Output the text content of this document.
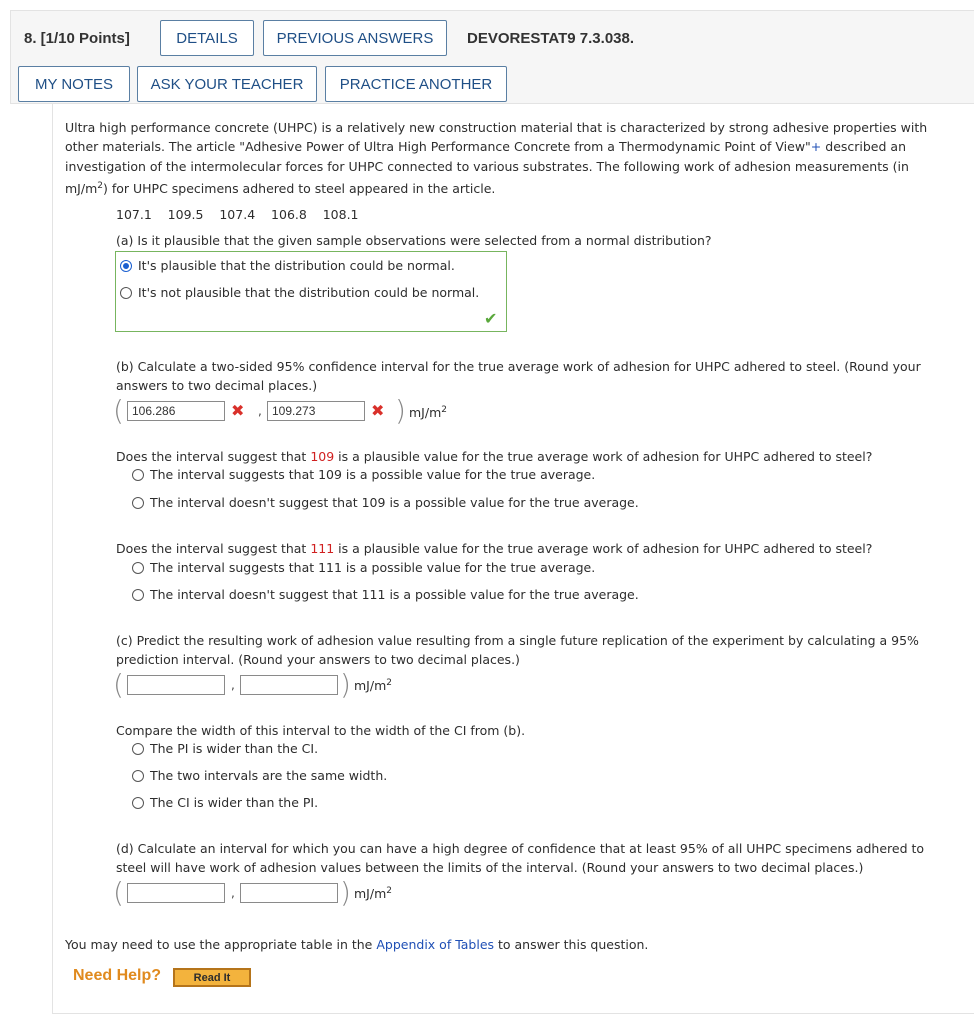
8. [1/10 Points]	DETAILS	PREVIOUS ANSWERS	DEVORESTAT9 7.3.038.
MY NOTES	ASK YOUR TEACHER	PRACTICE ANOTHER
Ultra high performance concrete (UHPC) is a relatively new construction material that is characterized by strong adhesive properties with
other materials. The article "Adhesive Power of Ultra High Performance Concrete from a Thermodynamic Point of View"+ described an
investigation of the intermolecular forces for UHPC connected to various substrates. The following work of adhesion measurements (in
$mJ/m^2$) for UHPC specimens adhered to steel appeared in the article.
107.1    109.5    107.4    106.8    108.1
(a) Is it plausible that the given sample observations were selected from a normal distribution?
It's plausible that the distribution could be normal.
It's not plausible that the distribution could be normal.
✔
(b) Calculate a two-sided 95% confidence interval for the true average work of adhesion for UHPC adhered to steel. (Round your
answers to two decimal places.)
( 106.286	✖ , 109.273	✖ ) $mJ/m^2$
Does the interval suggest that 109 is a plausible value for the true average work of adhesion for UHPC adhered to steel?
The interval suggests that 109 is a possible value for the true average.
The interval doesn't suggest that 109 is a possible value for the true average.
Does the interval suggest that 111 is a plausible value for the true average work of adhesion for UHPC adhered to steel?
The interval suggests that 111 is a possible value for the true average.
The interval doesn't suggest that 111 is a possible value for the true average.
(c) Predict the resulting work of adhesion value resulting from a single future replication of the experiment by calculating a 95%
prediction interval. (Round your answers to two decimal places.)
(	,	) $mJ/m^2$
Compare the width of this interval to the width of the CI from (b).
The PI is wider than the CI.
The two intervals are the same width.
The CI is wider than the PI.
(d) Calculate an interval for which you can have a high degree of confidence that at least 95% of all UHPC specimens adhered to
steel will have work of adhesion values between the limits of the interval. (Round your answers to two decimal places.)
(	,	) $mJ/m^2$
You may need to use the appropriate table in the Appendix of Tables to answer this question.
Need Help?	Read It
